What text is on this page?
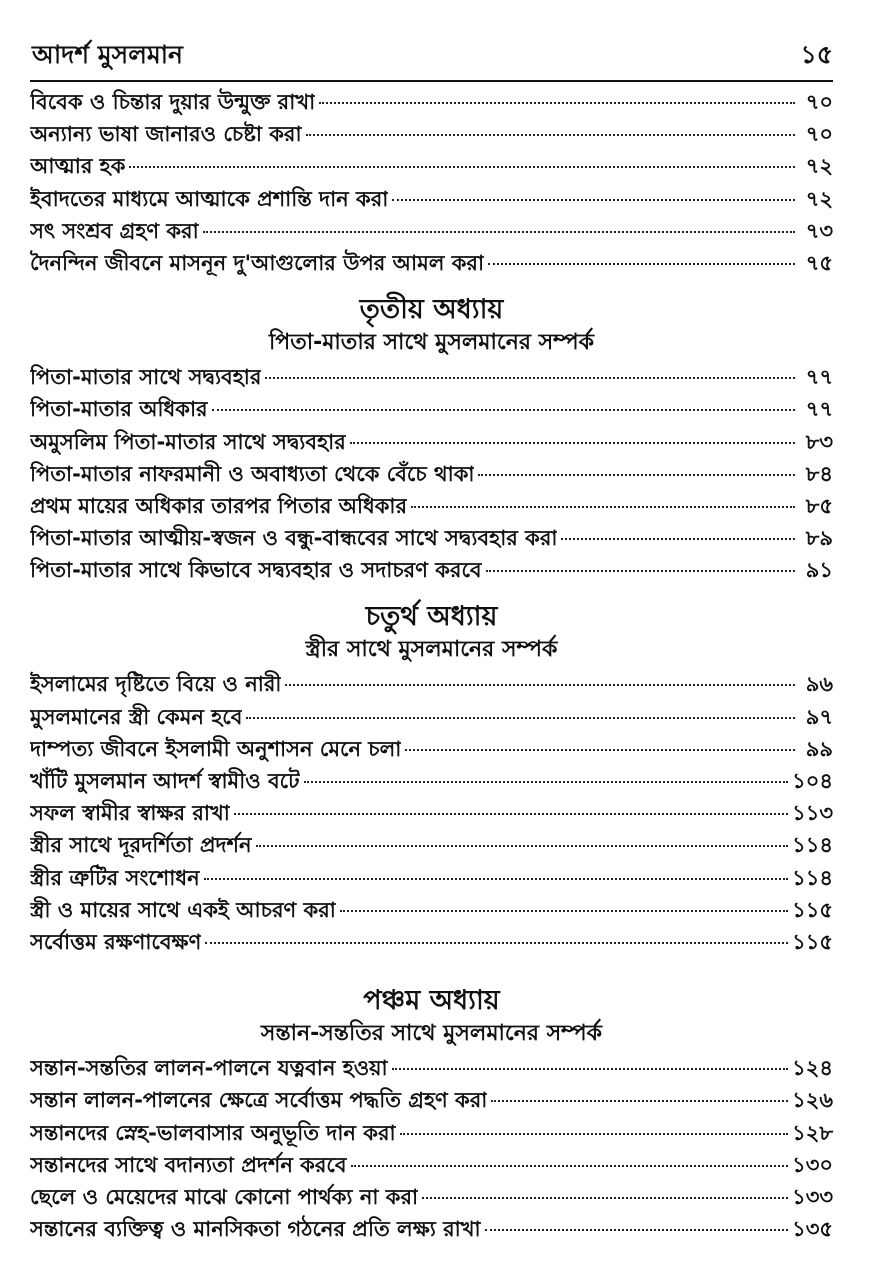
আদর্শ মুসলমান	১৫
বিবেক ও চিন্তার দুয়ার উন্মুক্ত রাখা	৭০
অন্যান্য ভাষা জানারও চেষ্টা করা	৭০
আত্মার হক	৭২
ইবাদতের মাধ্যমে আত্মাকে প্রশান্তি দান করা	৭২
সৎ সংশ্রব গ্রহণ করা	৭৩
দৈনন্দিন জীবনে মাসনূন দু'আগুলোর উপর আমল করা	৭৫
তৃতীয় অধ্যায়
পিতা-মাতার সাথে মুসলমানের সম্পর্ক
পিতা-মাতার সাথে সদ্ব্যবহার	৭৭
পিতা-মাতার অধিকার	৭৭
অমুসলিম পিতা-মাতার সাথে সদ্ব্যবহার	৮৩
পিতা-মাতার নাফরমানী ও অবাধ্যতা থেকে বেঁচে থাকা	৮৪
প্রথম মায়ের অধিকার তারপর পিতার অধিকার	৮৫
পিতা-মাতার আত্মীয়-স্বজন ও বন্ধু-বান্ধবের সাথে সদ্ব্যবহার করা	৮৯
পিতা-মাতার সাথে কিভাবে সদ্ব্যবহার ও সদাচরণ করবে	৯১
চতুর্থ অধ্যায়
স্ত্রীর সাথে মুসলমানের সম্পর্ক
ইসলামের দৃষ্টিতে বিয়ে ও নারী	৯৬
মুসলমানের স্ত্রী কেমন হবে	৯৭
দাম্পত্য জীবনে ইসলামী অনুশাসন মেনে চলা	৯৯
খাঁটি মুসলমান আদর্শ স্বামীও বটে	১০৪
সফল স্বামীর স্বাক্ষর রাখা	১১৩
স্ত্রীর সাথে দূরদর্শিতা প্রদর্শন	১১৪
স্ত্রীর ত্রুটির সংশোধন	১১৪
স্ত্রী ও মায়ের সাথে একই আচরণ করা	১১৫
সর্বোত্তম রক্ষণাবেক্ষণ	১১৫
পঞ্চম অধ্যায়
সন্তান-সন্ততির সাথে মুসলমানের সম্পর্ক
সন্তান-সন্ততির লালন-পালনে যত্নবান হওয়া	১২৪
সন্তান লালন-পালনের ক্ষেত্রে সর্বোত্তম পদ্ধতি গ্রহণ করা	১২৬
সন্তানদের স্নেহ-ভালবাসার অনুভূতি দান করা	১২৮
সন্তানদের সাথে বদান্যতা প্রদর্শন করবে	১৩০
ছেলে ও মেয়েদের মাঝে কোনো পার্থক্য না করা	১৩৩
সন্তানের ব্যক্তিত্ব ও মানসিকতা গঠনের প্রতি লক্ষ্য রাখা	১৩৫
